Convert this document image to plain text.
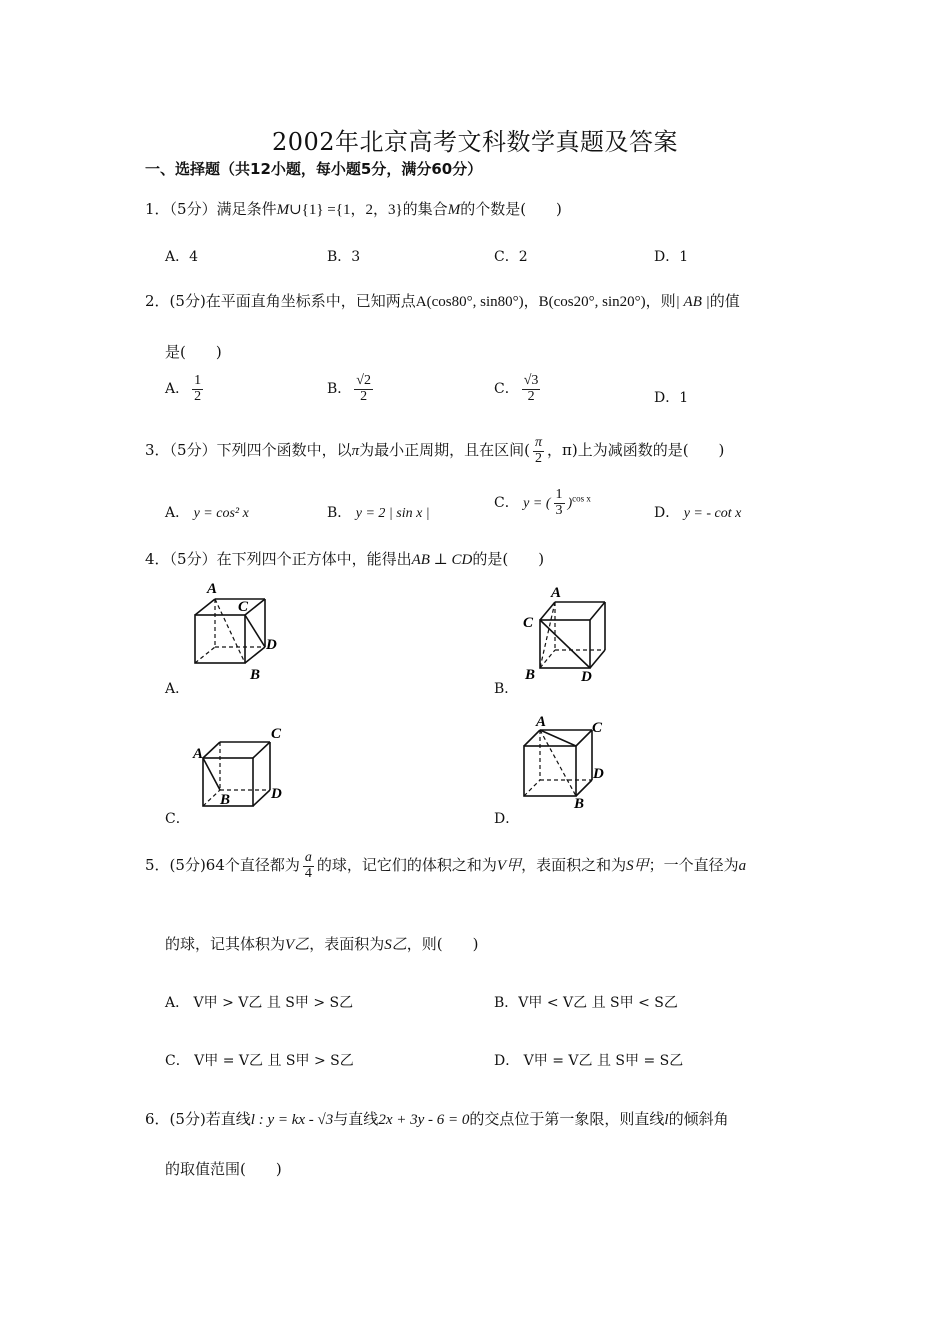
2002年北京高考文科数学真题及答案
一、选择题（共12小题，每小题5分，满分60分）
1．（5分）满足条件M∪{1} ={1，2，3}的集合M的个数是(　　)
A．4	B．3	C．2	D．1
2．(5分)在平面直角坐标系中，已知两点A(cos80°, sin80°)，B(cos20°, sin20°)，则| AB |的值
是(　　)
A． $\frac{1}{2}$	B． $\frac{√2}{2}$	C． $\frac{√3}{2}$	D．1
3．（5分）下列四个函数中，以π为最小正周期，且在区间( $\frac{\pi}{2}$ ，π)上为减函数的是(　　)
A． y = cos² x	B． y = 2 | sin x |
C． y = ( $\frac{1}{3} )^{cos x}$
D． y = - cot x
4．（5分）在下列四个正方体中，能得出AB ⊥ CD的是(　　)
A
C
D
B
A．
A
C
B	D
B．
A
C
B	D
C．
A	C
D
B
D．
5．(5分)64个直径都为 $\frac{a}{4}$ 的球，记它们的体积之和为V甲，表面积之和为S甲；一个直径为a
的球，记其体积为V乙，表面积为S乙，则(　　)
A． V甲 > V乙 且 S甲 > S乙	B．V甲 < V乙 且 S甲 < S乙
C． V甲 = V乙 且 S甲 > S乙	D． V甲 = V乙 且 S甲 = S乙
6．(5分)若直线l : y = kx - √3与直线2x + 3y - 6 = 0的交点位于第一象限，则直线l的倾斜角
的取值范围(　　)
